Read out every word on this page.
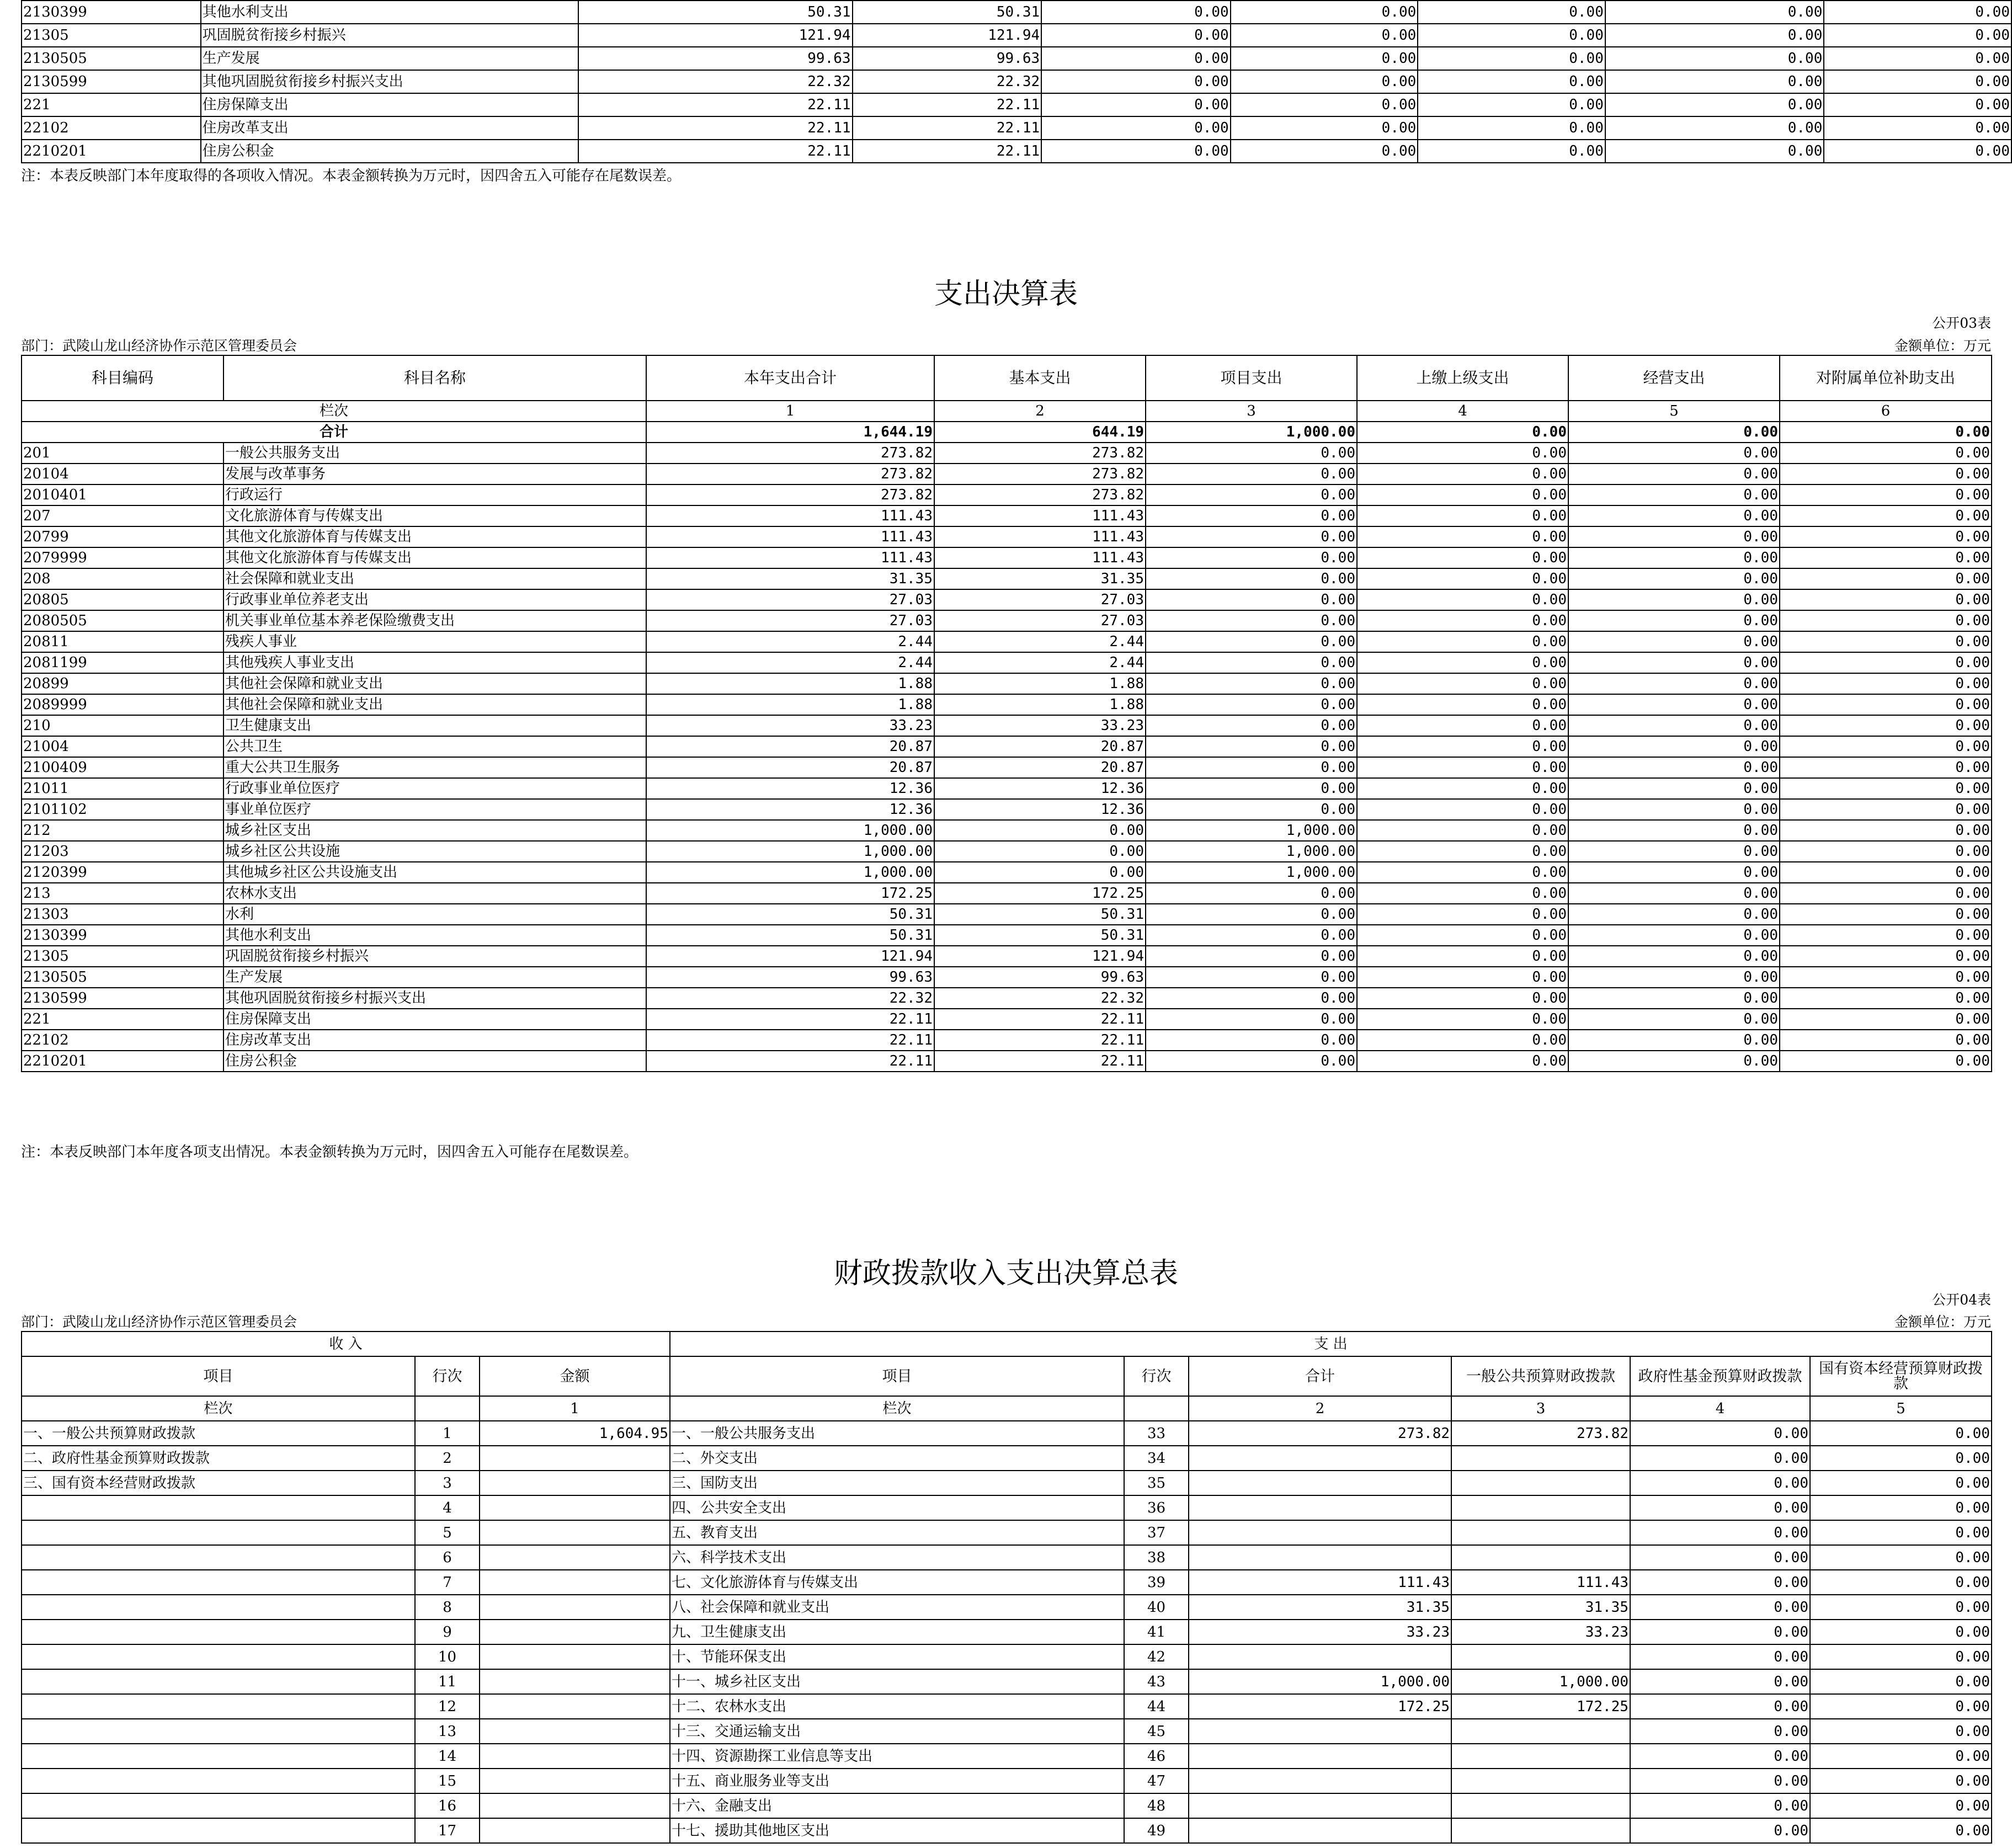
2130399	其他水利支出	50.31	50.31	0.00	0.00	0.00	0.00	0.00
21305	巩固脱贫衔接乡村振兴	121.94	121.94	0.00	0.00	0.00	0.00	0.00
2130505	生产发展	99.63	99.63	0.00	0.00	0.00	0.00	0.00
2130599	其他巩固脱贫衔接乡村振兴支出	22.32	22.32	0.00	0.00	0.00	0.00	0.00
221	住房保障支出	22.11	22.11	0.00	0.00	0.00	0.00	0.00
22102	住房改革支出	22.11	22.11	0.00	0.00	0.00	0.00	0.00
2210201	住房公积金	22.11	22.11	0.00	0.00	0.00	0.00	0.00
注：本表反映部门本年度取得的各项收入情况。本表金额转换为万元时，因四舍五入可能存在尾数误差。
支出决算表
公开03表
部门：武陵山龙山经济协作示范区管理委员会	金额单位：万元
科目编码	科目名称	本年支出合计	基本支出	项目支出	上缴上级支出	经营支出	对附属单位补助支出
栏次		1	2	3	4	5	6
合计		1,644.19	644.19	1,000.00	0.00	0.00	0.00
201	一般公共服务支出	273.82	273.82	0.00	0.00	0.00	0.00
20104	发展与改革事务	273.82	273.82	0.00	0.00	0.00	0.00
2010401	行政运行	273.82	273.82	0.00	0.00	0.00	0.00
207	文化旅游体育与传媒支出	111.43	111.43	0.00	0.00	0.00	0.00
20799	其他文化旅游体育与传媒支出	111.43	111.43	0.00	0.00	0.00	0.00
2079999	其他文化旅游体育与传媒支出	111.43	111.43	0.00	0.00	0.00	0.00
208	社会保障和就业支出	31.35	31.35	0.00	0.00	0.00	0.00
20805	行政事业单位养老支出	27.03	27.03	0.00	0.00	0.00	0.00
2080505	机关事业单位基本养老保险缴费支出	27.03	27.03	0.00	0.00	0.00	0.00
20811	残疾人事业	2.44	2.44	0.00	0.00	0.00	0.00
2081199	其他残疾人事业支出	2.44	2.44	0.00	0.00	0.00	0.00
20899	其他社会保障和就业支出	1.88	1.88	0.00	0.00	0.00	0.00
2089999	其他社会保障和就业支出	1.88	1.88	0.00	0.00	0.00	0.00
210	卫生健康支出	33.23	33.23	0.00	0.00	0.00	0.00
21004	公共卫生	20.87	20.87	0.00	0.00	0.00	0.00
2100409	重大公共卫生服务	20.87	20.87	0.00	0.00	0.00	0.00
21011	行政事业单位医疗	12.36	12.36	0.00	0.00	0.00	0.00
2101102	事业单位医疗	12.36	12.36	0.00	0.00	0.00	0.00
212	城乡社区支出	1,000.00	0.00	1,000.00	0.00	0.00	0.00
21203	城乡社区公共设施	1,000.00	0.00	1,000.00	0.00	0.00	0.00
2120399	其他城乡社区公共设施支出	1,000.00	0.00	1,000.00	0.00	0.00	0.00
213	农林水支出	172.25	172.25	0.00	0.00	0.00	0.00
21303	水利	50.31	50.31	0.00	0.00	0.00	0.00
2130399	其他水利支出	50.31	50.31	0.00	0.00	0.00	0.00
21305	巩固脱贫衔接乡村振兴	121.94	121.94	0.00	0.00	0.00	0.00
2130505	生产发展	99.63	99.63	0.00	0.00	0.00	0.00
2130599	其他巩固脱贫衔接乡村振兴支出	22.32	22.32	0.00	0.00	0.00	0.00
221	住房保障支出	22.11	22.11	0.00	0.00	0.00	0.00
22102	住房改革支出	22.11	22.11	0.00	0.00	0.00	0.00
2210201	住房公积金	22.11	22.11	0.00	0.00	0.00	0.00
注：本表反映部门本年度各项支出情况。本表金额转换为万元时，因四舍五入可能存在尾数误差。
财政拨款收入支出决算总表
公开04表
部门：武陵山龙山经济协作示范区管理委员会	金额单位：万元
收 入			支 出					
项目	行次	金额	项目	行次	合计	一般公共预算财政拨款	政府性基金预算财政拨款	国有资本经营预算财政拨款
栏次		1	栏次		2	3	4	5
一、一般公共预算财政拨款	1	1,604.95	一、一般公共服务支出	33	273.82	273.82	0.00	0.00
二、政府性基金预算财政拨款	2		二、外交支出	34			0.00	0.00
三、国有资本经营财政拨款	3		三、国防支出	35			0.00	0.00
	4		四、公共安全支出	36			0.00	0.00
	5		五、教育支出	37			0.00	0.00
	6		六、科学技术支出	38			0.00	0.00
	7		七、文化旅游体育与传媒支出	39	111.43	111.43	0.00	0.00
	8		八、社会保障和就业支出	40	31.35	31.35	0.00	0.00
	9		九、卫生健康支出	41	33.23	33.23	0.00	0.00
	10		十、节能环保支出	42			0.00	0.00
	11		十一、城乡社区支出	43	1,000.00	1,000.00	0.00	0.00
	12		十二、农林水支出	44	172.25	172.25	0.00	0.00
	13		十三、交通运输支出	45			0.00	0.00
	14		十四、资源勘探工业信息等支出	46			0.00	0.00
	15		十五、商业服务业等支出	47			0.00	0.00
	16		十六、金融支出	48			0.00	0.00
	17		十七、援助其他地区支出	49			0.00	0.00
